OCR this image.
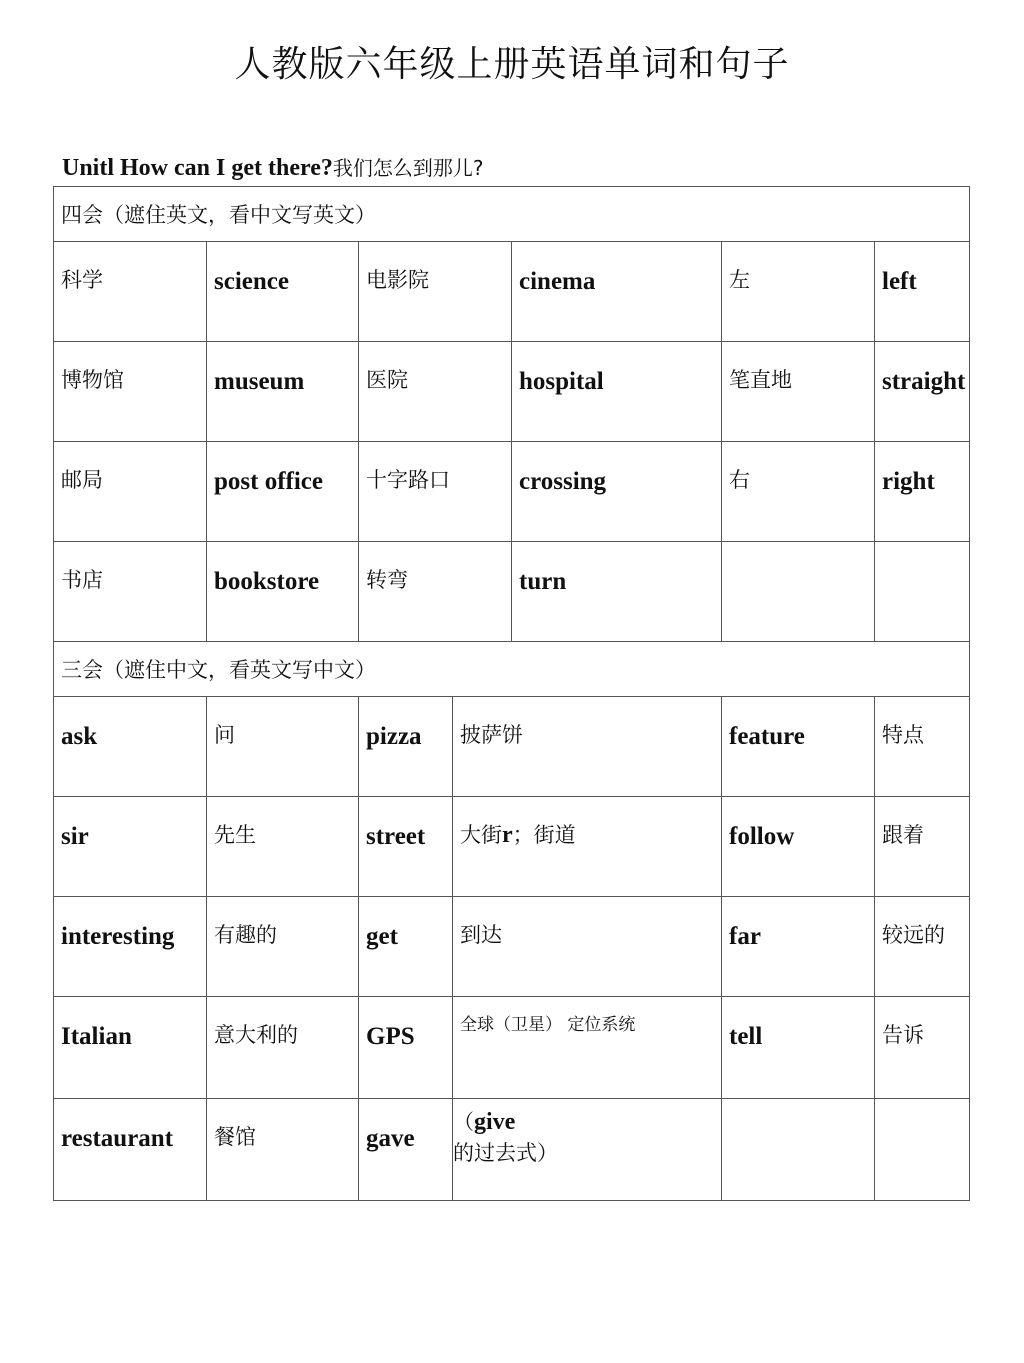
人教版六年级上册英语单词和句子
Unitl How can I get there?我们怎么到那儿?
四会（遮住英文，看中文写英文）						
科学	science	电影院		cinema	左	left
博物馆	museum	医院		hospital	笔直地	straight
邮局	post office	十字路口		crossing	右	right
书店	bookstore	转弯		turn		
三会（遮住中文，看英文写中文）						
ask	问	pizza	披萨饼		feature	特点
sir	先生	street	大街r；街道		follow	跟着
interesting	有趣的	get	到达		far	较远的
Italian	意大利的	GPS	全球（卫星） 定位系统		tell	告诉
restaurant	餐馆	gave	（give 的过去式）			
